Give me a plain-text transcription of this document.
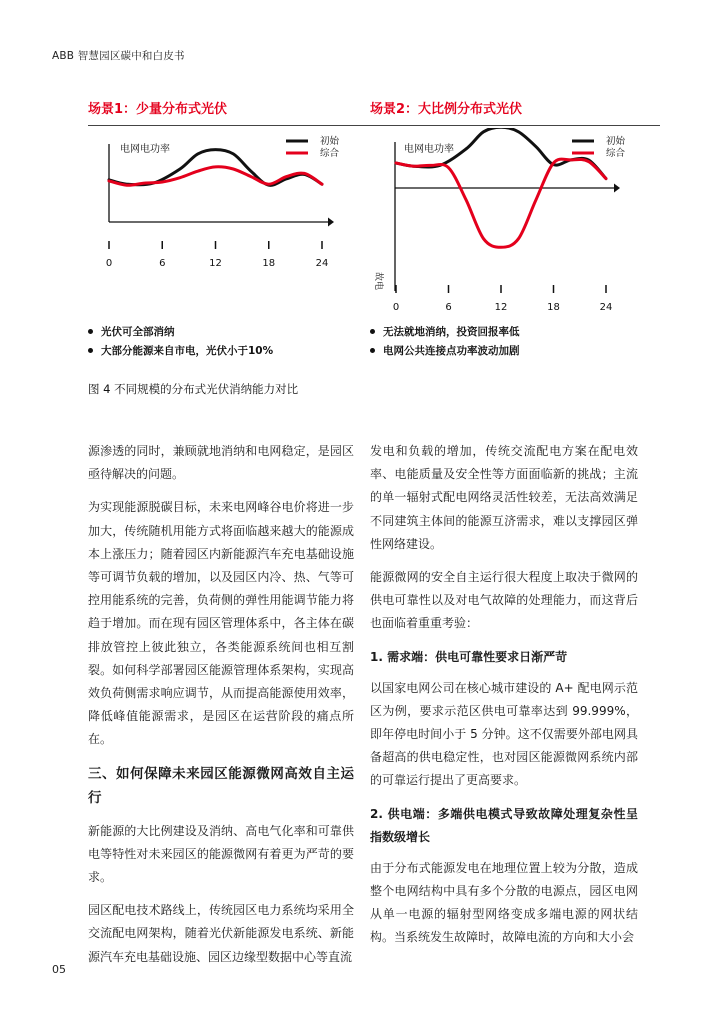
ABB 智慧园区碳中和白皮书
场景1：少量分布式光伏
电网电功率
初始
综合
0	6	12	18	24
光伏可全部消纳
大部分能源来自市电，光伏小于10%
场景2：大比例分布式光伏
故电
电网电功率
初始
综合
0	6	12	18	24
无法就地消纳，投资回报率低
电网公共连接点功率波动加剧
图 4 不同规模的分布式光伏消纳能力对比

源渗透的同时，兼顾就地消纳和电网稳定，是园区亟待解决的问题。

为实现能源脱碳目标，未来电网峰谷电价将进一步加大，传统随机用能方式将面临越来越大的能源成本上涨压力；随着园区内新能源汽车充电基础设施等可调节负载的增加，以及园区内冷、热、气等可控用能系统的完善，负荷侧的弹性用能调节能力将趋于增加。而在现有园区管理体系中，各主体在碳排放管控上彼此独立，各类能源系统间也相互割裂。如何科学部署园区能源管理体系架构，实现高效负荷侧需求响应调节，从而提高能源使用效率，降低峰值能源需求，是园区在运营阶段的痛点所在。

三、如何保障未来园区能源微网高效自主运行

新能源的大比例建设及消纳、高电气化率和可靠供电等特性对未来园区的能源微网有着更为严苛的要求。

园区配电技术路线上，传统园区电力系统均采用全交流配电网架构，随着光伏新能源发电系统、新能源汽车充电基础设施、园区边缘型数据中心等直流

发电和负载的增加，传统交流配电方案在配电效率、电能质量及安全性等方面面临新的挑战；主流的单一辐射式配电网络灵活性较差，无法高效满足不同建筑主体间的能源互济需求，难以支撑园区弹性网络建设。

能源微网的安全自主运行很大程度上取决于微网的供电可靠性以及对电气故障的处理能力，而这背后也面临着重重考验：

1. 需求端：供电可靠性要求日渐严苛

以国家电网公司在核心城市建设的 A+ 配电网示范区为例，要求示范区供电可靠率达到 99.999%，即年停电时间小于 5 分钟。这不仅需要外部电网具备超高的供电稳定性，也对园区能源微网系统内部的可靠运行提出了更高要求。

2. 供电端：多端供电模式导致故障处理复杂性呈指数级增长

由于分布式能源发电在地理位置上较为分散，造成整个电网结构中具有多个分散的电源点，园区电网从单一电源的辐射型网络变成多端电源的网状结构。当系统发生故障时，故障电流的方向和大小会

05
